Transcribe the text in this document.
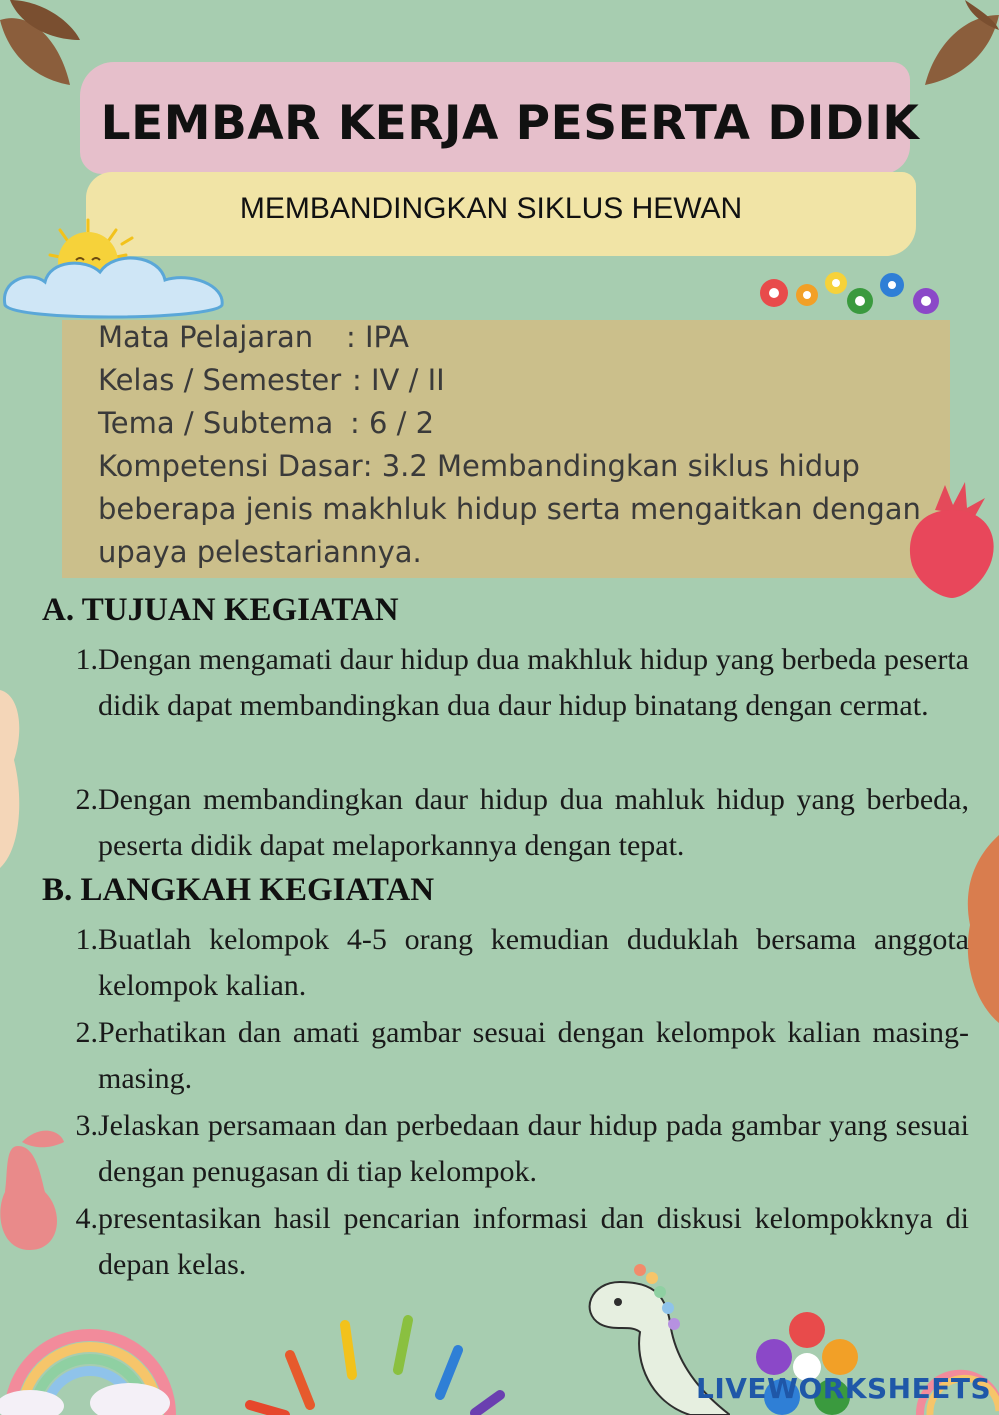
LEMBAR KERJA PESERTA DIDIK
MEMBANDINGKAN SIKLUS HEWAN
Mata Pelajaran : IPA
Kelas / Semester : IV / II
Tema / Subtema : 6 / 2
Kompetensi Dasar: 3.2 Membandingkan siklus hidup
beberapa jenis makhluk hidup serta mengaitkan dengan
upaya pelestariannya.
A. TUJUAN KEGIATAN
1. Dengan mengamati daur hidup dua makhluk hidup yang berbeda peserta didik dapat membandingkan dua daur hidup binatang dengan cermat.
2. Dengan membandingkan daur hidup dua mahluk hidup yang berbeda, peserta didik dapat melaporkannya dengan tepat.
B. LANGKAH KEGIATAN
1. Buatlah kelompok 4-5 orang kemudian duduklah bersama anggota kelompok kalian.
2. Perhatikan dan amati gambar sesuai dengan kelompok kalian masing-masing.
3. Jelaskan persamaan dan perbedaan daur hidup pada gambar yang sesuai dengan penugasan di tiap kelompok.
4. presentasikan hasil pencarian informasi dan diskusi kelompokknya di depan kelas.
LIVEWORKSHEETS
